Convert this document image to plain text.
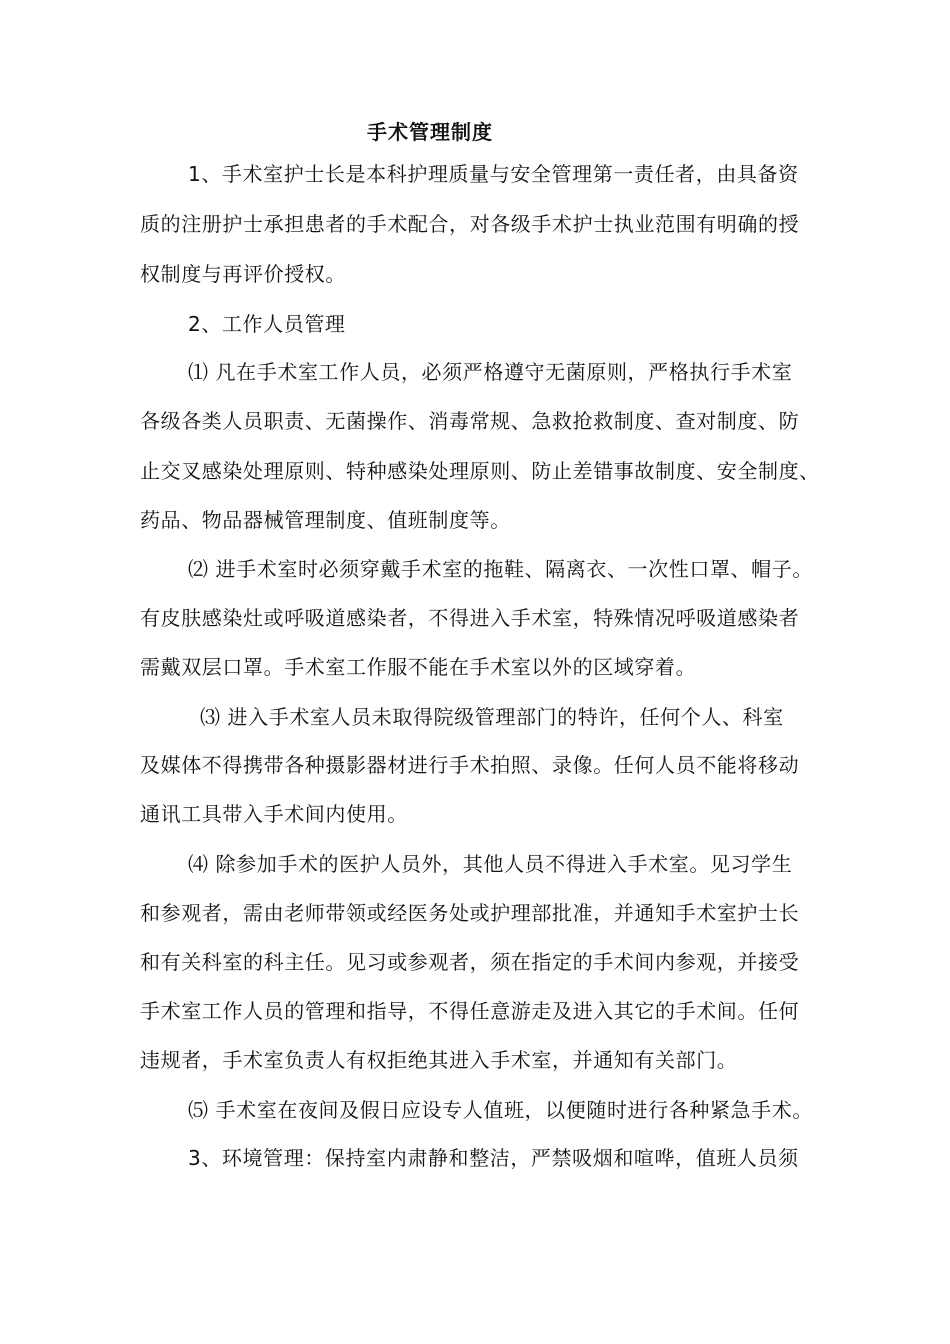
手术管理制度
1、手术室护士长是本科护理质量与安全管理第一责任者，由具备资
质的注册护士承担患者的手术配合，对各级手术护士执业范围有明确的授
权制度与再评价授权。
2、工作人员管理
⑴ 凡在手术室工作人员，必须严格遵守无菌原则，严格执行手术室
各级各类人员职责、无菌操作、消毒常规、急救抢救制度、查对制度、防
止交叉感染处理原则、特种感染处理原则、防止差错事故制度、安全制度、
药品、物品器械管理制度、值班制度等。
⑵ 进手术室时必须穿戴手术室的拖鞋、隔离衣、一次性口罩、帽子。
有皮肤感染灶或呼吸道感染者，不得进入手术室，特殊情况呼吸道感染者
需戴双层口罩。手术室工作服不能在手术室以外的区域穿着。
⑶ 进入手术室人员未取得院级管理部门的特许，任何个人、科室
及媒体不得携带各种摄影器材进行手术拍照、录像。任何人员不能将移动
通讯工具带入手术间内使用。
⑷ 除参加手术的医护人员外，其他人员不得进入手术室。见习学生
和参观者，需由老师带领或经医务处或护理部批准，并通知手术室护士长
和有关科室的科主任。见习或参观者，须在指定的手术间内参观，并接受
手术室工作人员的管理和指导，不得任意游走及进入其它的手术间。任何
违规者，手术室负责人有权拒绝其进入手术室，并通知有关部门。
⑸ 手术室在夜间及假日应设专人值班，以便随时进行各种紧急手术。
3、环境管理：保持室内肃静和整洁，严禁吸烟和喧哗，值班人员须
